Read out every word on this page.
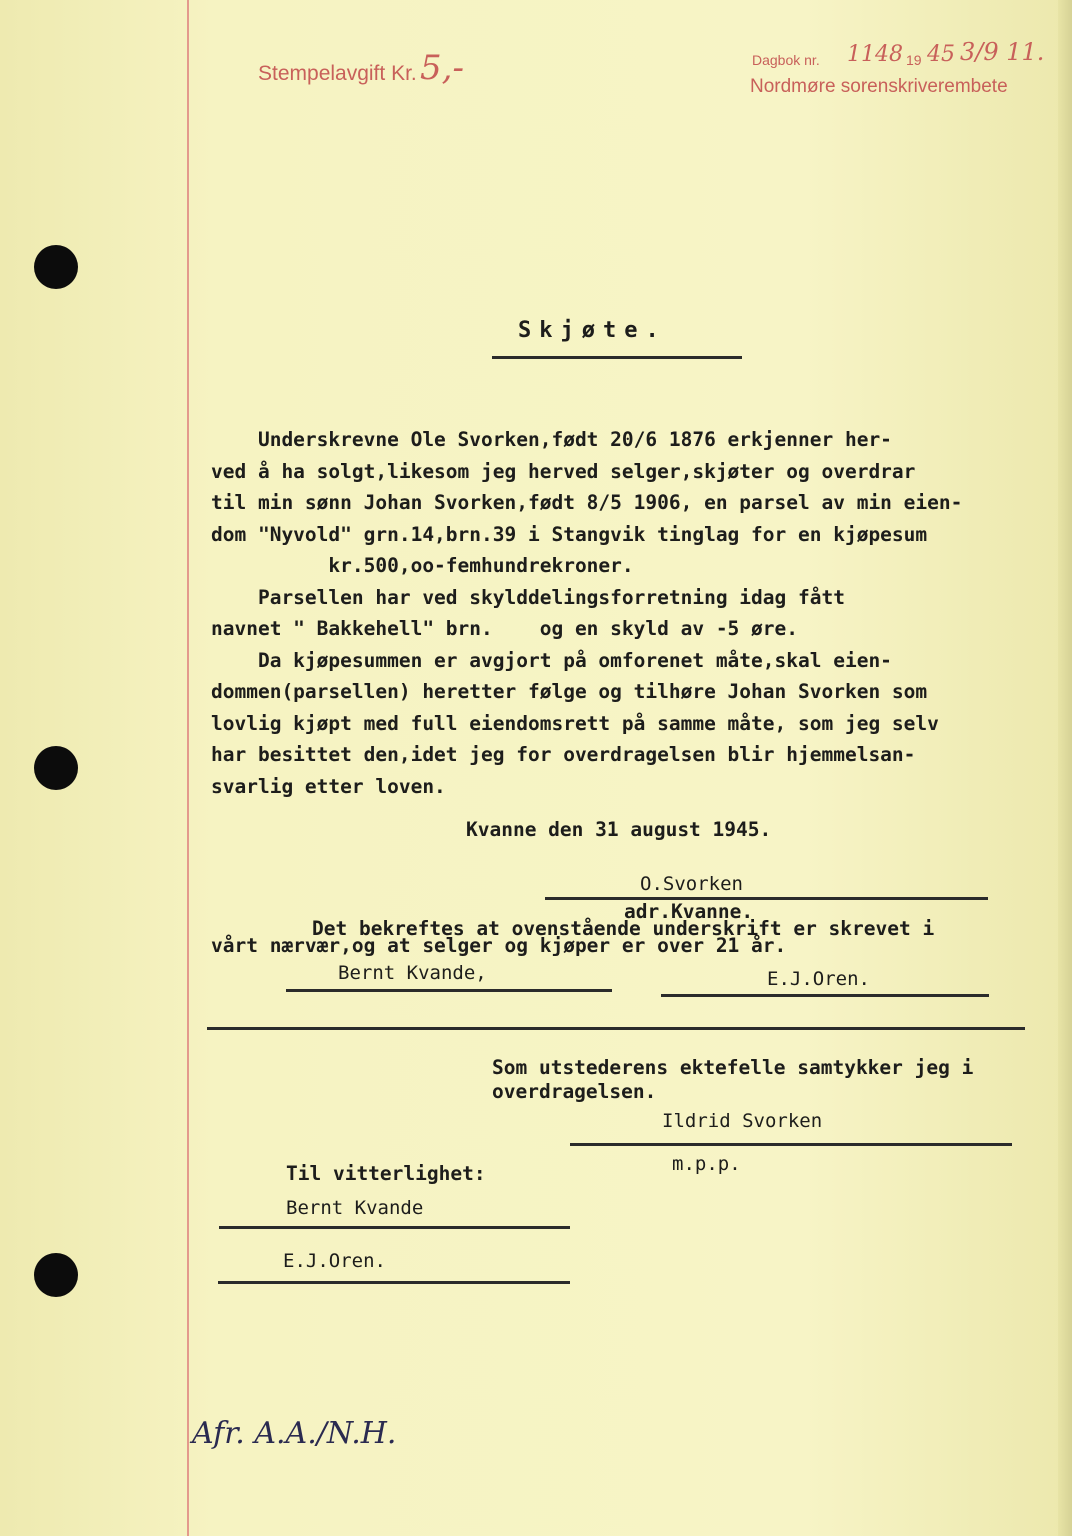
Stempelavgift Kr. 5,-	Dagbok nr. 1148 19 45 3/9 11.
Nordmøre sorenskriverembete
Skjøte.
Underskrevne Ole Svorken,født 20/6 1876 erkjenner her-
ved å ha solgt,likesom jeg herved selger,skjøter og overdrar
til min sønn Johan Svorken,født 8/5 1906, en parsel av min eien-
dom "Nyvold" grn.14,brn.39 i Stangvik tinglag for en kjøpesum
kr.500,oo-femhundrekroner.
Parsellen har ved skylddelingsforretning idag fått
navnet " Bakkehell" brn.    og en skyld av -5 øre.
Da kjøpesummen er avgjort på omforenet måte,skal eien-
dommen(parsellen) heretter følge og tilhøre Johan Svorken som
lovlig kjøpt med full eiendomsrett på samme måte, som jeg selv
har besittet den,idet jeg for overdragelsen blir hjemmelsan-
svarlig etter loven.
Kvanne den 31 august 1945.
O.Svorken
adr.Kvanne.
Det bekreftes at ovenstående underskrift er skrevet i
vårt nærvær,og at selger og kjøper er over 21 år.
Bernt Kvande,	E.J.Oren.
Som utstederens ektefelle samtykker jeg i
overdragelsen.
Ildrid Svorken
m.p.p.
Til vitterlighet:
Bernt Kvande
E.J.Oren.
Afr. A.A./N.H.
